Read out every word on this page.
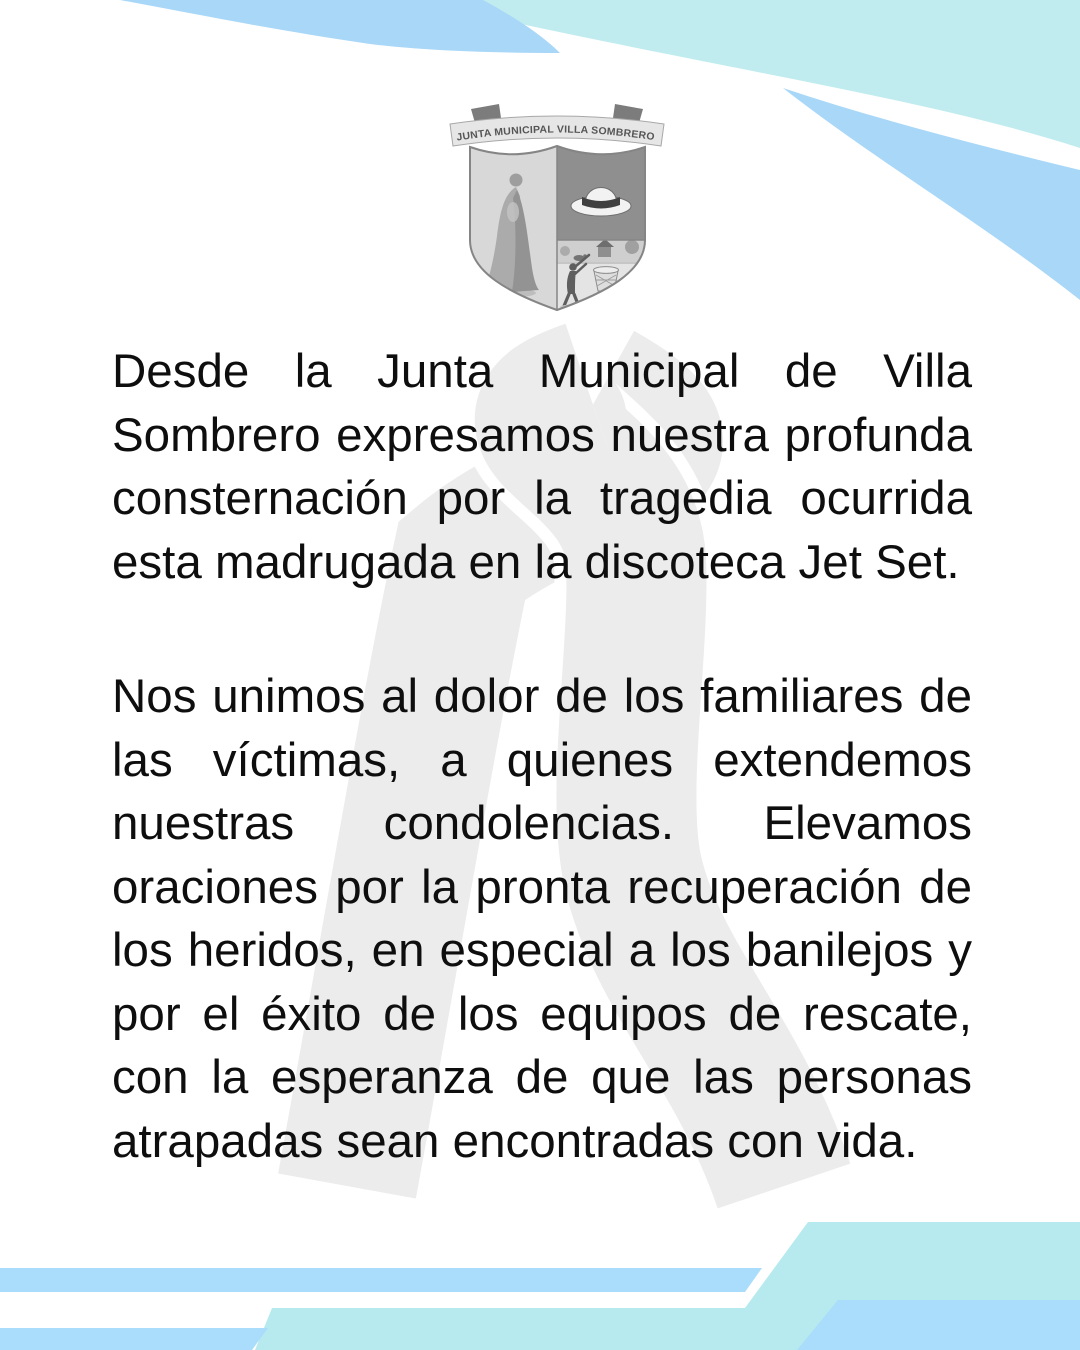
JUNTA MUNICIPAL VILLA SOMBRERO
Desde la Junta Municipal de Villa
Sombrero expresamos nuestra profunda
consternación por la tragedia ocurrida
esta madrugada en la discoteca Jet Set.
Nos unimos al dolor de los familiares de
las víctimas, a quienes extendemos
nuestras condolencias. Elevamos
oraciones por la pronta recuperación de
los heridos, en especial a los banilejos y
por el éxito de los equipos de rescate,
con la esperanza de que las personas
atrapadas sean encontradas con vida.
